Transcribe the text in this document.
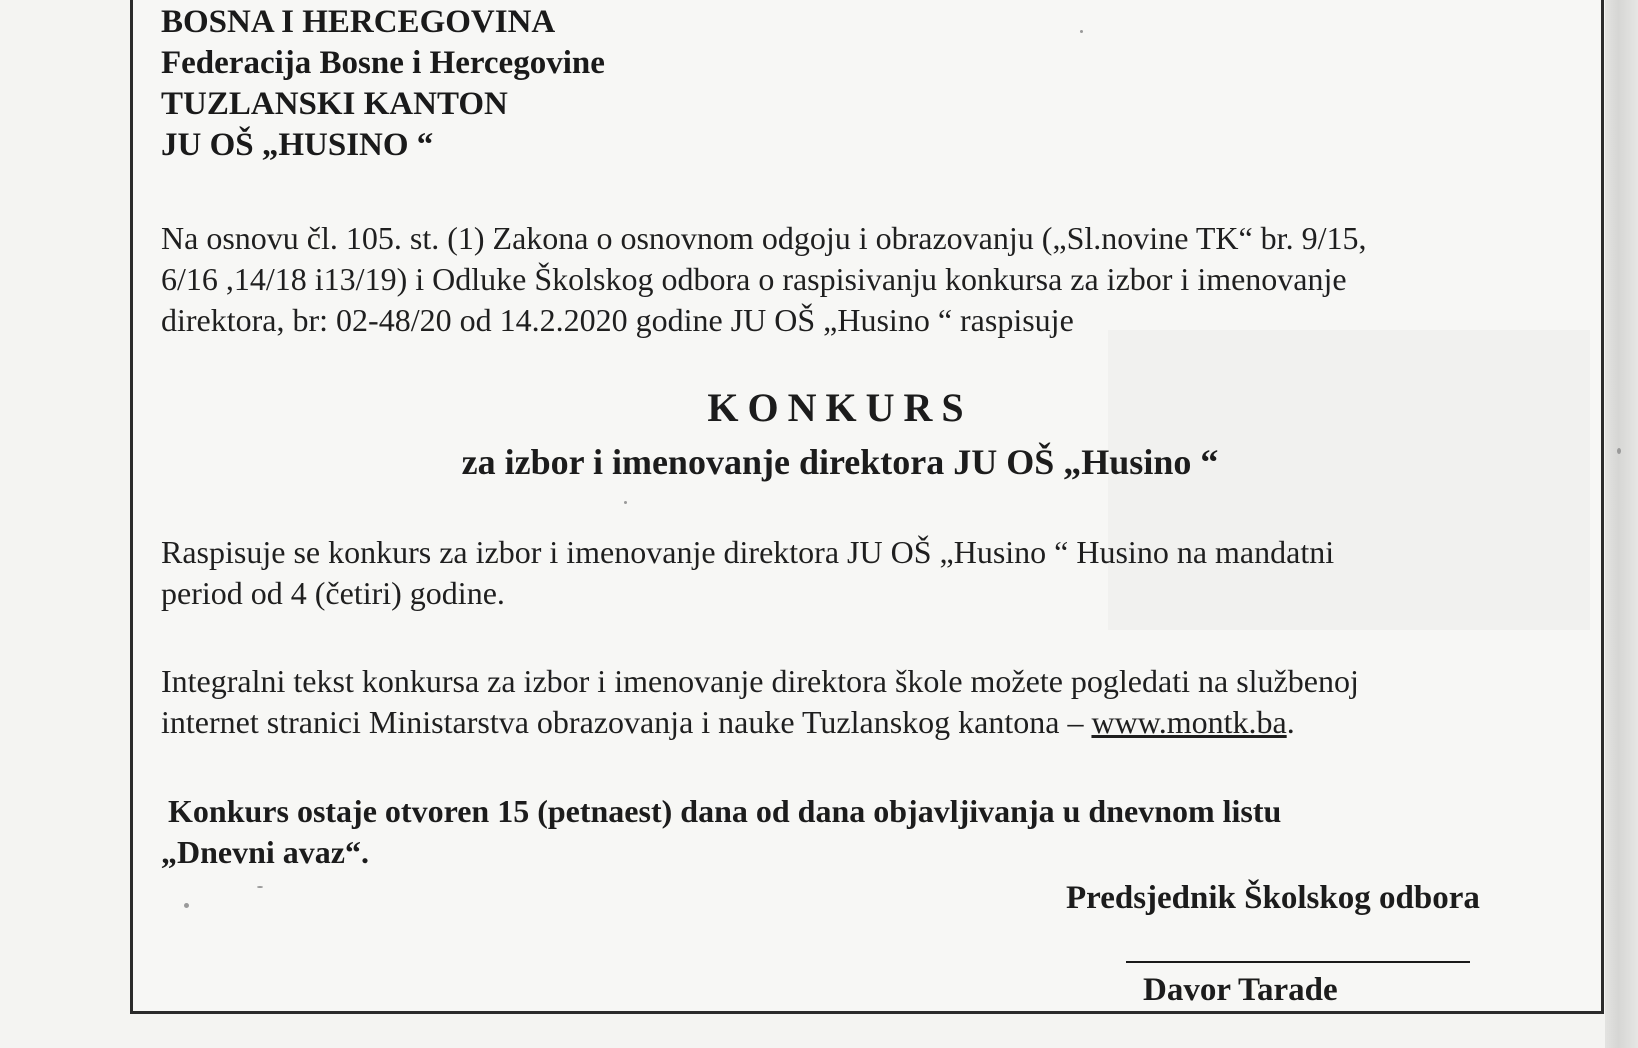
BOSNA I HERCEGOVINA
Federacija Bosne i Hercegovine
TUZLANSKI KANTON
JU OŠ „HUSINO “
Na osnovu čl. 105. st. (1) Zakona o osnovnom odgoju i obrazovanju („Sl.novine TK“ br. 9/15,
6/16 ,14/18 i13/19) i Odluke Školskog odbora o raspisivanju konkursa za izbor i imenovanje
direktora, br: 02-48/20 od 14.2.2020 godine JU OŠ „Husino “ raspisuje
KONKURS
za izbor i imenovanje direktora JU OŠ „Husino “
Raspisuje se konkurs za izbor i imenovanje direktora JU OŠ „Husino “ Husino na mandatni
period od 4 (četiri) godine.
Integralni tekst konkursa za izbor i imenovanje direktora škole možete pogledati na službenoj
internet stranici Ministarstva obrazovanja i nauke Tuzlanskog kantona – www.montk.ba.
Konkurs ostaje otvoren 15 (petnaest) dana od dana objavljivanja u dnevnom listu
„Dnevni avaz“.
Predsjednik Školskog odbora
Davor Tarade
